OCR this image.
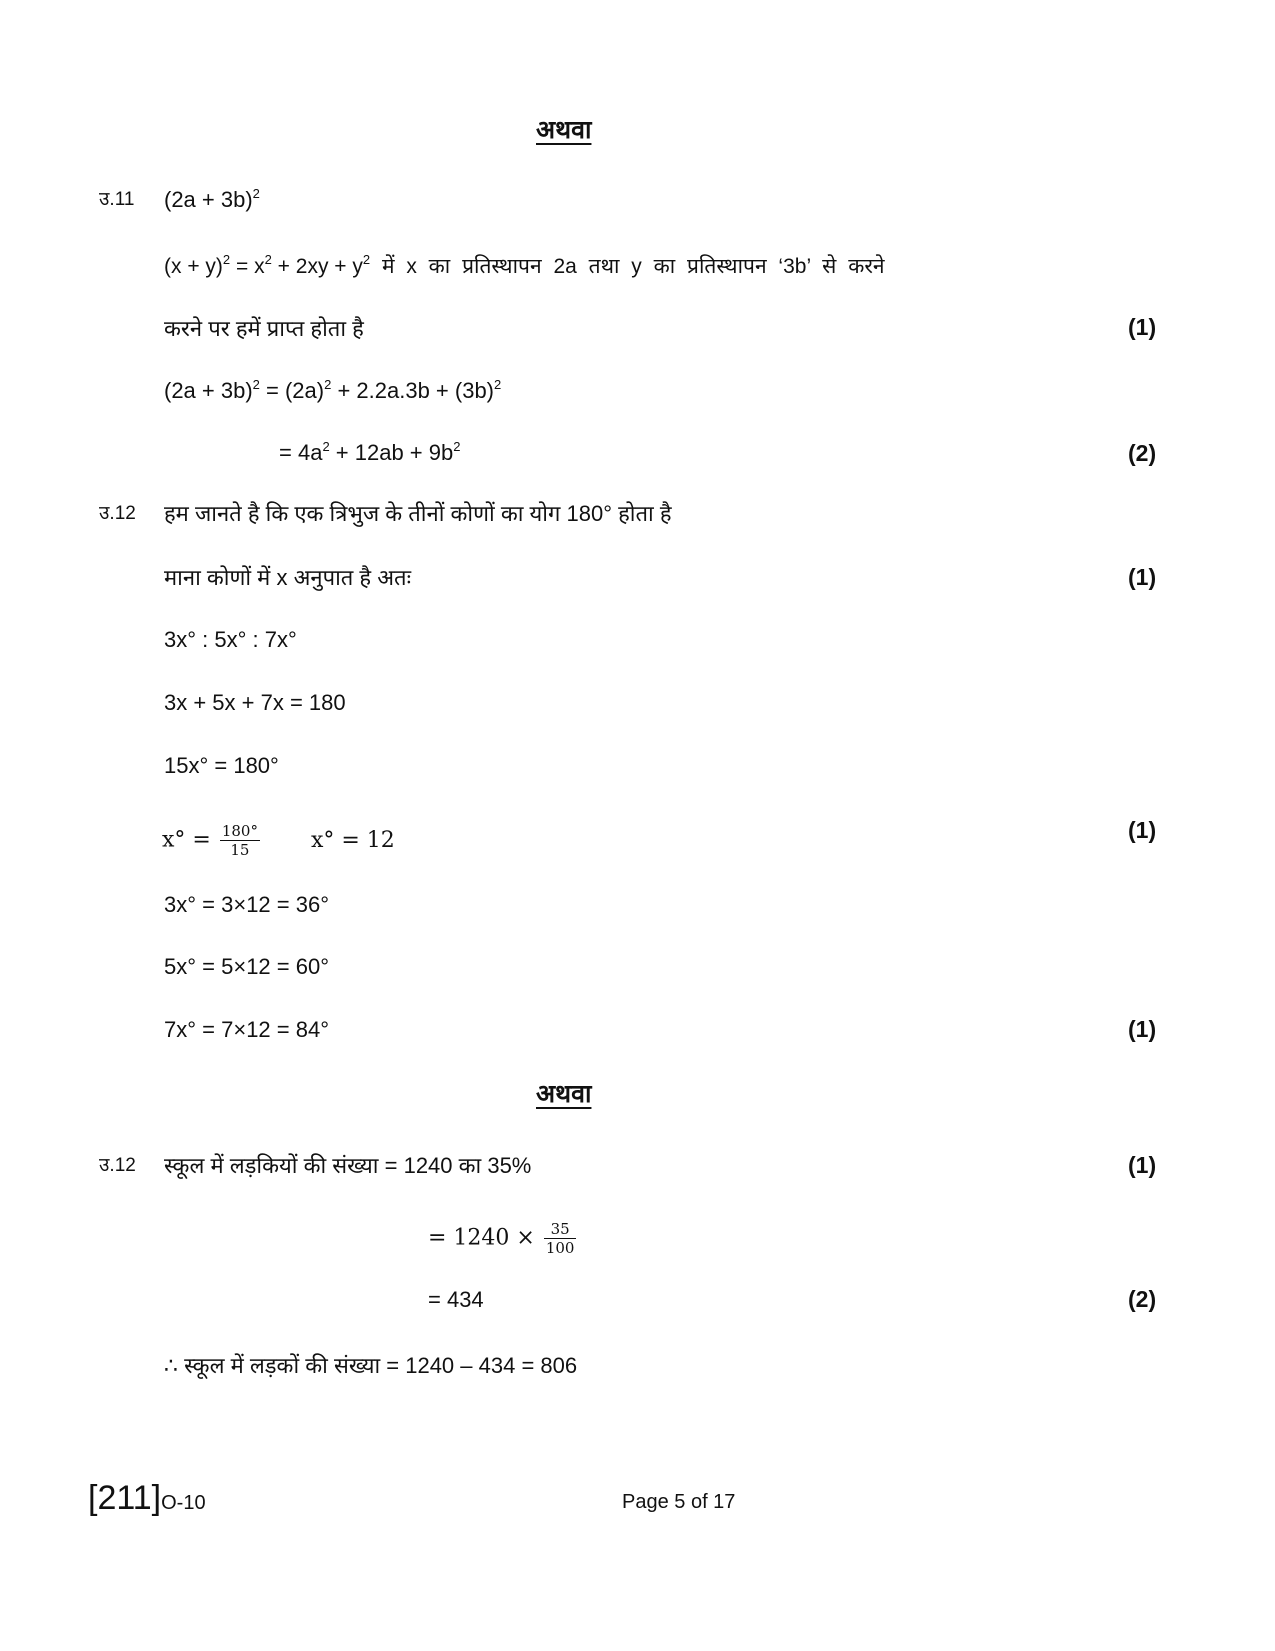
अथवा
उ.11 $(2a + 3b)^2$
$(x + y)^2 = x^2 + 2xy + y^2$ में x का प्रतिस्थापन 2a तथा y का प्रतिस्थापन ‘3b’ से करने
करने पर हमें प्राप्त होता है	(1)
$(2a + 3b)^2 = (2a)^2 + 2.2a.3b + (3b)^2$
= $4a^2 + 12ab + 9b^2$	(2)
उ.12 हम जानते है कि एक त्रिभुज के तीनों कोणों का योग 180° होता है
माना कोणों में x अनुपात है अतः	(1)
3x° : 5x° : 7x°
3x + 5x + 7x = 180
15x° = 180°
$x^\circ = \frac{180^\circ}{15} x^\circ = 12$	(1)
3x° = 3×12 = 36°
5x° = 5×12 = 60°
7x° = 7×12 = 84°	(1)
अथवा
उ.12 स्कूल में लड़कियों की संख्या = 1240 का 35%	(1)
= $1240 \times \frac{35}{100}$
= 434	(2)
∴ स्कूल में लड़कों की संख्या = 1240 – 434 = 806
[211]O-10	Page 5 of 17
